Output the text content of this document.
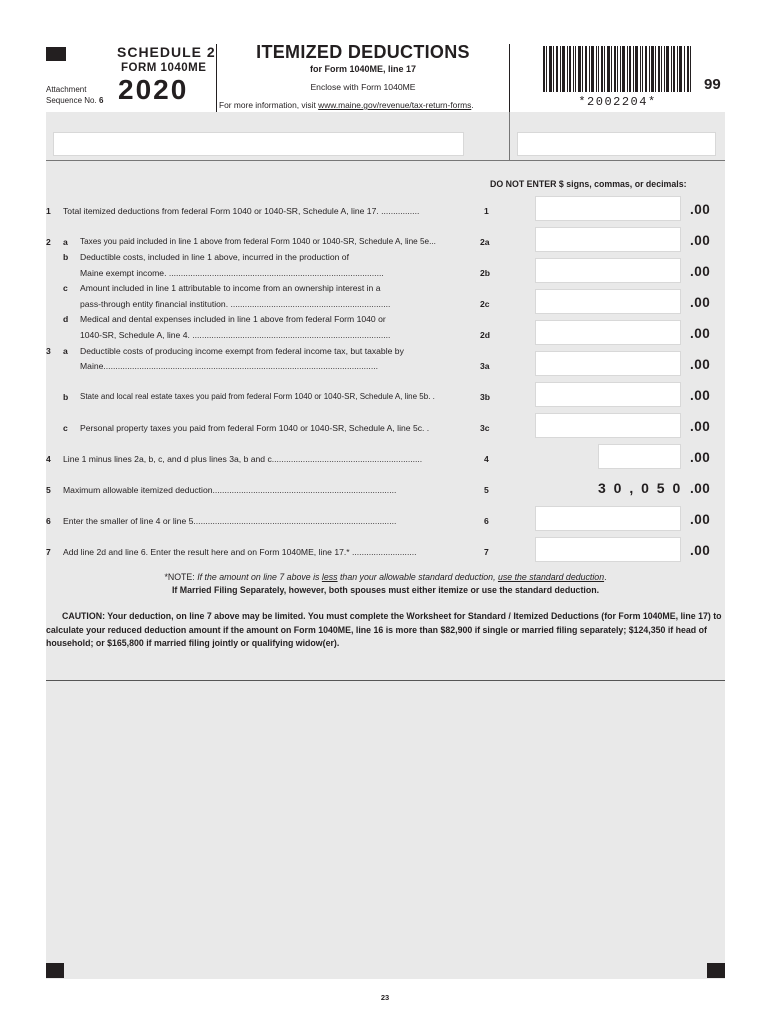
SCHEDULE 2
FORM 1040ME
Attachment
Sequence No. 6 2020
ITEMIZED DEDUCTIONS
for Form 1040ME, line 17
Enclose with Form 1040ME
For more information, visit www.maine.gov/revenue/tax-return-forms.	*2002204*
99
DO NOT ENTER $ signs, commas, or decimals:
1 Total itemized deductions from federal Form 1040 or 1040-SR, Schedule A, line 17. ................	1	.00
2 a Taxes you paid included in line 1 above from federal Form 1040 or 1040-SR, Schedule A, line 5e...	2a	.00
b Deductible costs, included in line 1 above, incurred in the production of
Maine exempt income. ..........................................................................................	2b	.00
c Amount included in line 1 attributable to income from an ownership interest in a
pass-through entity financial institution. ...................................................................	2c	.00
d Medical and dental expenses included in line 1 above from federal Form 1040 or
1040-SR, Schedule A, line 4. ...................................................................................	2d	.00
3 a Deductible costs of producing income exempt from federal income tax, but taxable by
Maine...................................................................................................................	3a	.00
b State and local real estate taxes you paid from federal Form 1040 or 1040-SR, Schedule A, line 5b. .	3b	.00
c Personal property taxes you paid from federal Form 1040 or 1040-SR, Schedule A, line 5c. .	3c	.00
4 Line 1 minus lines 2a, b, c, and d plus lines 3a, b and c...............................................................	4	.00
5 Maximum allowable itemized deduction.............................................................................	5	3 0 , 0 5 0 .00
6 Enter the smaller of line 4 or line 5.....................................................................................	6	.00
7 Add line 2d and line 6. Enter the result here and on Form 1040ME, line 17.* ...........................	7	.00
*NOTE: If the amount on line 7 above is less than your allowable standard deduction, use the standard deduction.
If Married Filing Separately, however, both spouses must either itemize or use the standard deduction.
CAUTION: Your deduction, on line 7 above may be limited. You must complete the Worksheet for Standard / Itemized Deductions (for Form 1040ME, line 17) to calculate your reduced deduction amount if the amount on Form 1040ME, line 16 is more than $82,900 if single or married filing separately; $124,350 if head of household; or $165,800 if married filing jointly or qualifying widow(er).
23
